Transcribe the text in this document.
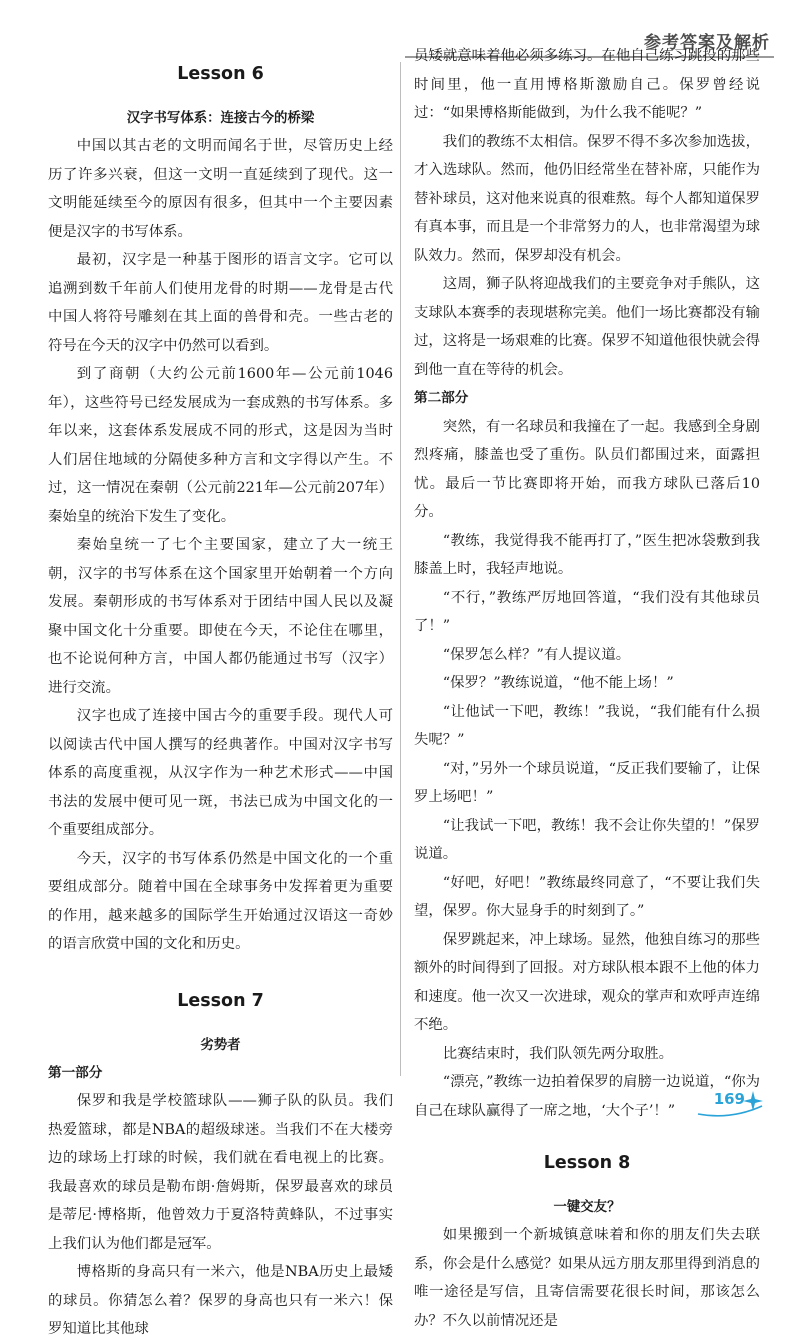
参考答案及解析
Lesson 6
汉字书写体系：连接古今的桥梁

中国以其古老的文明而闻名于世，尽管历史上经历了许多兴衰，但这一文明一直延续到了现代。这一文明能延续至今的原因有很多，但其中一个主要因素便是汉字的书写体系。

最初，汉字是一种基于图形的语言文字。它可以追溯到数千年前人们使用龙骨的时期——龙骨是古代中国人将符号雕刻在其上面的兽骨和壳。一些古老的符号在今天的汉字中仍然可以看到。

到了商朝（大约公元前1600年—公元前1046年），这些符号已经发展成为一套成熟的书写体系。多年以来，这套体系发展成不同的形式，这是因为当时人们居住地域的分隔使多种方言和文字得以产生。不过，这一情况在秦朝（公元前221年—公元前207年）秦始皇的统治下发生了变化。

秦始皇统一了七个主要国家，建立了大一统王朝，汉字的书写体系在这个国家里开始朝着一个方向发展。秦朝形成的书写体系对于团结中国人民以及凝聚中国文化十分重要。即使在今天，不论住在哪里，也不论说何种方言，中国人都仍能通过书写（汉字）进行交流。

汉字也成了连接中国古今的重要手段。现代人可以阅读古代中国人撰写的经典著作。中国对汉字书写体系的高度重视，从汉字作为一种艺术形式——中国书法的发展中便可见一斑，书法已成为中国文化的一个重要组成部分。

今天，汉字的书写体系仍然是中国文化的一个重要组成部分。随着中国在全球事务中发挥着更为重要的作用，越来越多的国际学生开始通过汉语这一奇妙的语言欣赏中国的文化和历史。

Lesson 7
劣势者
第一部分

保罗和我是学校篮球队——狮子队的队员。我们热爱篮球，都是NBA的超级球迷。当我们不在大楼旁边的球场上打球的时候，我们就在看电视上的比赛。我最喜欢的球员是勒布朗·詹姆斯，保罗最喜欢的球员是蒂尼·博格斯，他曾效力于夏洛特黄蜂队，不过事实上我们认为他们都是冠军。

博格斯的身高只有一米六，他是NBA历史上最矮的球员。你猜怎么着？保罗的身高也只有一米六！保罗知道比其他球

员矮就意味着他必须多练习。在他自己练习跳投的那些时间里，他一直用博格斯激励自己。保罗曾经说过：“如果博格斯能做到，为什么我不能呢？”

我们的教练不太相信。保罗不得不多次参加选拔，才入选球队。然而，他仍旧经常坐在替补席，只能作为替补球员，这对他来说真的很难熬。每个人都知道保罗有真本事，而且是一个非常努力的人，也非常渴望为球队效力。然而，保罗却没有机会。

这周，狮子队将迎战我们的主要竞争对手熊队，这支球队本赛季的表现堪称完美。他们一场比赛都没有输过，这将是一场艰难的比赛。保罗不知道他很快就会得到他一直在等待的机会。

第二部分

突然，有一名球员和我撞在了一起。我感到全身剧烈疼痛，膝盖也受了重伤。队员们都围过来，面露担忧。最后一节比赛即将开始，而我方球队已落后10分。

“教练，我觉得我不能再打了，”医生把冰袋敷到我膝盖上时，我轻声地说。

“不行，”教练严厉地回答道，“我们没有其他球员了！”

“保罗怎么样？”有人提议道。

“保罗？”教练说道，“他不能上场！”

“让他试一下吧，教练！”我说，“我们能有什么损失呢？”

“对，”另外一个球员说道，“反正我们要输了，让保罗上场吧！”

“让我试一下吧，教练！我不会让你失望的！”保罗说道。

“好吧，好吧！”教练最终同意了，“不要让我们失望，保罗。你大显身手的时刻到了。”

保罗跳起来，冲上球场。显然，他独自练习的那些额外的时间得到了回报。对方球队根本跟不上他的体力和速度。他一次又一次进球，观众的掌声和欢呼声连绵不绝。

比赛结束时，我们队领先两分取胜。

“漂亮，”教练一边拍着保罗的肩膀一边说道，“你为自己在球队赢得了一席之地，‘大个子’！”

Lesson 8
一键交友？

如果搬到一个新城镇意味着和你的朋友们失去联系，你会是什么感觉？如果从远方朋友那里得到消息的唯一途径是写信，且寄信需要花很长时间，那该怎么办？不久以前情况还是

169
